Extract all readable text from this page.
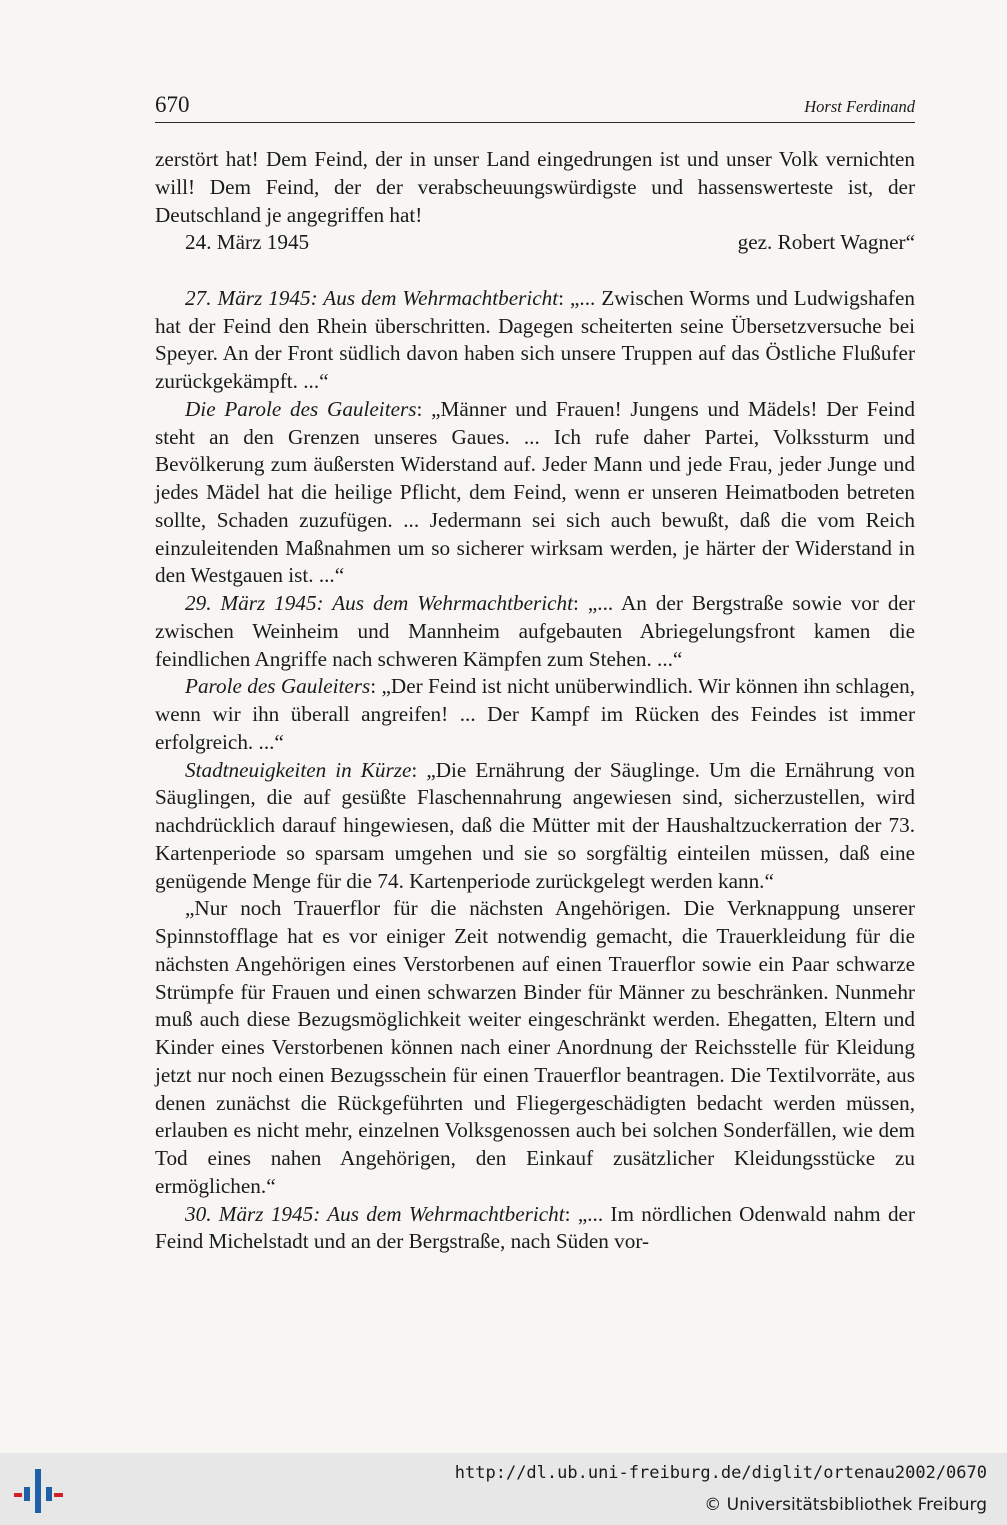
670	Horst Ferdinand

zerstört hat! Dem Feind, der in unser Land eingedrungen ist und unser Volk vernichten will! Dem Feind, der der verabscheuungswürdigste und hassenswerteste ist, der Deutschland je angegriffen hat!

24. März 1945	gez. Robert Wagner“

27. März 1945: Aus dem Wehrmachtbericht: „... Zwischen Worms und Ludwigshafen hat der Feind den Rhein überschritten. Dagegen scheiterten seine Übersetzversuche bei Speyer. An der Front südlich davon haben sich unsere Truppen auf das Östliche Flußufer zurückgekämpft. ...“

Die Parole des Gauleiters: „Männer und Frauen! Jungens und Mädels! Der Feind steht an den Grenzen unseres Gaues. ... Ich rufe daher Partei, Volkssturm und Bevölkerung zum äußersten Widerstand auf. Jeder Mann und jede Frau, jeder Junge und jedes Mädel hat die heilige Pflicht, dem Feind, wenn er unseren Heimatboden betreten sollte, Schaden zuzufügen. ... Jedermann sei sich auch bewußt, daß die vom Reich einzuleitenden Maßnahmen um so sicherer wirksam werden, je härter der Widerstand in den Westgauen ist. ...“

29. März 1945: Aus dem Wehrmachtbericht: „... An der Bergstraße sowie vor der zwischen Weinheim und Mannheim aufgebauten Abriegelungsfront kamen die feindlichen Angriffe nach schweren Kämpfen zum Stehen. ...“

Parole des Gauleiters: „Der Feind ist nicht unüberwindlich. Wir können ihn schlagen, wenn wir ihn überall angreifen! ... Der Kampf im Rücken des Feindes ist immer erfolgreich. ...“

Stadtneuigkeiten in Kürze: „Die Ernährung der Säuglinge. Um die Ernährung von Säuglingen, die auf gesüßte Flaschennahrung angewiesen sind, sicherzustellen, wird nachdrücklich darauf hingewiesen, daß die Mütter mit der Haushaltzuckerration der 73. Kartenperiode so sparsam umgehen und sie so sorgfältig einteilen müssen, daß eine genügende Menge für die 74. Kartenperiode zurückgelegt werden kann.“

„Nur noch Trauerflor für die nächsten Angehörigen. Die Verknappung unserer Spinnstofflage hat es vor einiger Zeit notwendig gemacht, die Trauerkleidung für die nächsten Angehörigen eines Verstorbenen auf einen Trauerflor sowie ein Paar schwarze Strümpfe für Frauen und einen schwarzen Binder für Männer zu beschränken. Nunmehr muß auch diese Bezugsmöglichkeit weiter eingeschränkt werden. Ehegatten, Eltern und Kinder eines Verstorbenen können nach einer Anordnung der Reichsstelle für Kleidung jetzt nur noch einen Bezugsschein für einen Trauerflor beantragen. Die Textilvorräte, aus denen zunächst die Rückgeführten und Fliegergeschädigten bedacht werden müssen, erlauben es nicht mehr, einzelnen Volksgenossen auch bei solchen Sonderfällen, wie dem Tod eines nahen Angehörigen, den Einkauf zusätzlicher Kleidungsstücke zu ermöglichen.“

30. März 1945: Aus dem Wehrmachtbericht: „... Im nördlichen Odenwald nahm der Feind Michelstadt und an der Bergstraße, nach Süden vor-

http://dl.ub.uni-freiburg.de/diglit/ortenau2002/0670
© Universitätsbibliothek Freiburg
